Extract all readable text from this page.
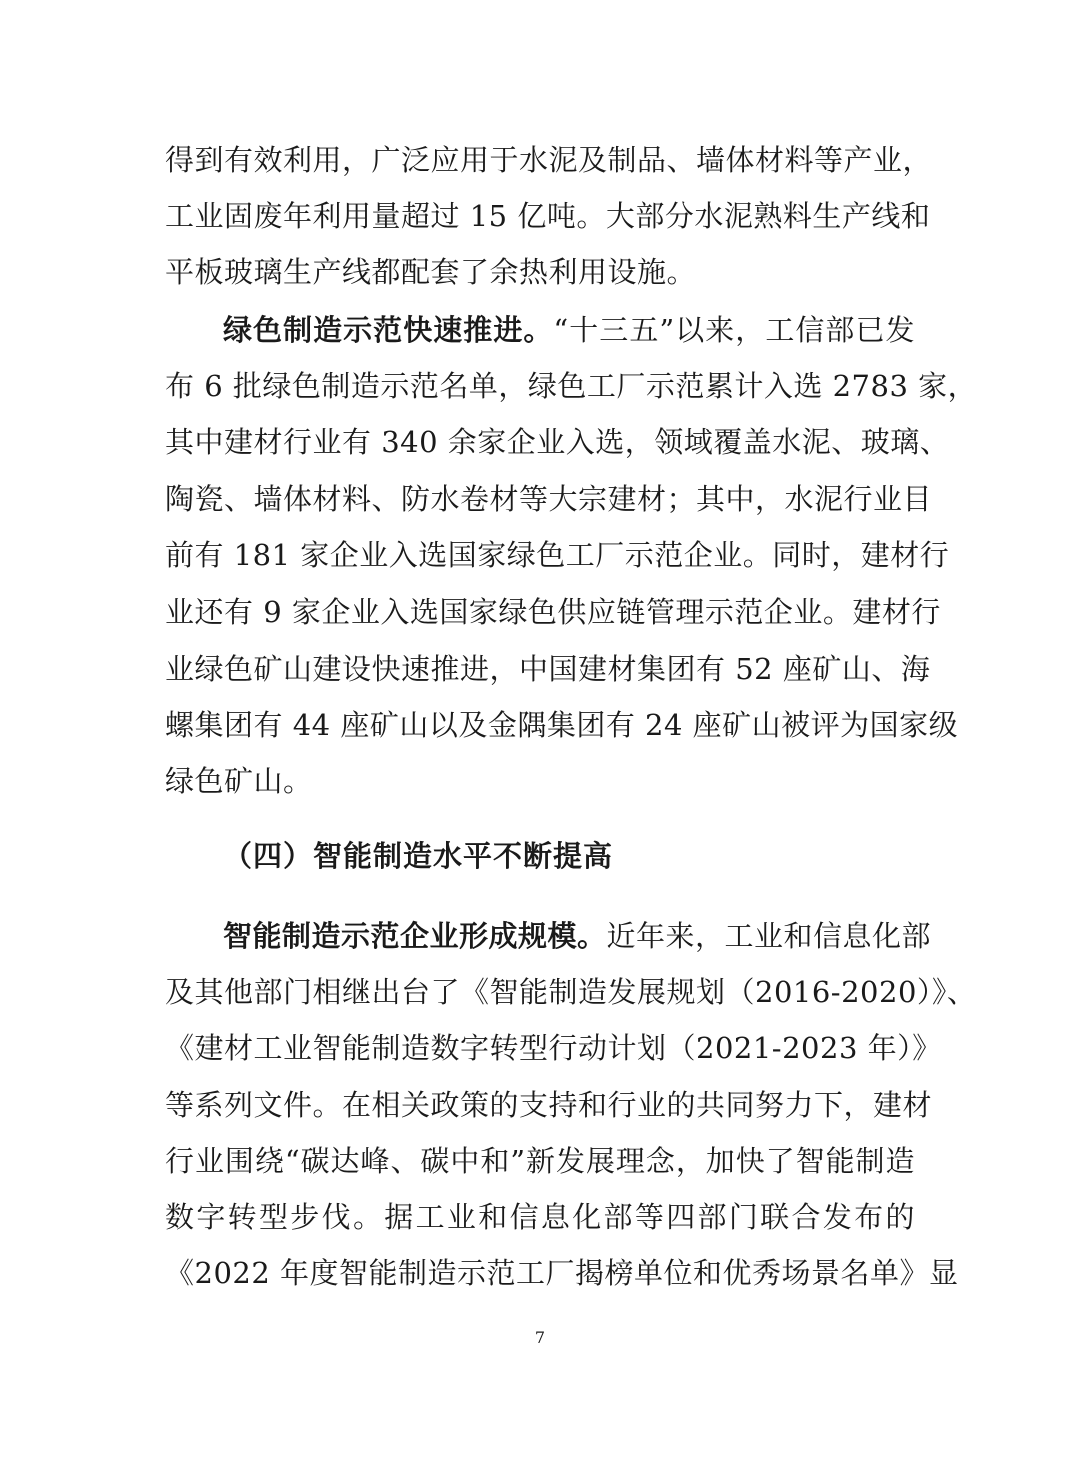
得到有效利用，广泛应用于水泥及制品、墙体材料等产业，
工业固废年利用量超过 15 亿吨。大部分水泥熟料生产线和
平板玻璃生产线都配套了余热利用设施。
绿色制造示范快速推进。“十三五”以来，工信部已发
布 6 批绿色制造示范名单，绿色工厂示范累计入选 2783 家，
其中建材行业有 340 余家企业入选，领域覆盖水泥、玻璃、
陶瓷、墙体材料、防水卷材等大宗建材；其中，水泥行业目
前有 181 家企业入选国家绿色工厂示范企业。同时，建材行
业还有 9 家企业入选国家绿色供应链管理示范企业。建材行
业绿色矿山建设快速推进，中国建材集团有 52 座矿山、海
螺集团有 44 座矿山以及金隅集团有 24 座矿山被评为国家级
绿色矿山。
（四）智能制造水平不断提高
智能制造示范企业形成规模。近年来，工业和信息化部
及其他部门相继出台了《智能制造发展规划（2016-2020）》、
《建材工业智能制造数字转型行动计划（2021-2023 年）》
等系列文件。在相关政策的支持和行业的共同努力下，建材
行业围绕“碳达峰、碳中和”新发展理念，加快了智能制造
数字转型步伐。据工业和信息化部等四部门联合发布的
《2022 年度智能制造示范工厂揭榜单位和优秀场景名单》显
7
